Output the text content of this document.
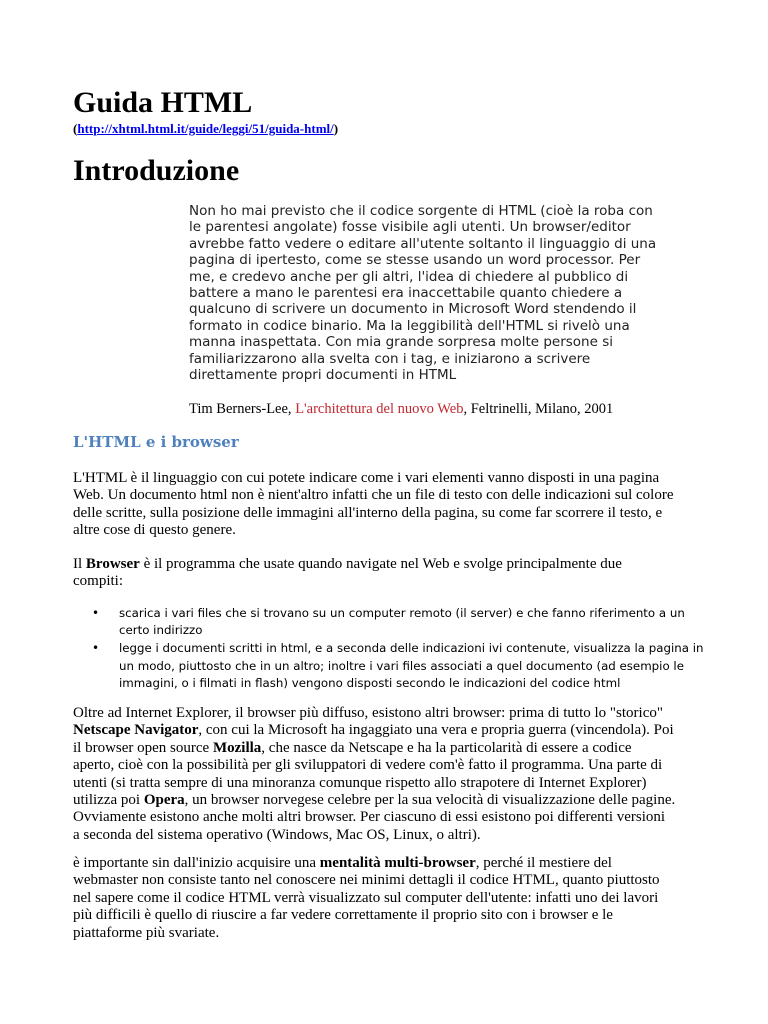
Guida HTML
(http://xhtml.html.it/guide/leggi/51/guida-html/)
Introduzione
Non ho mai previsto che il codice sorgente di HTML (cioè la roba con
le parentesi angolate) fosse visibile agli utenti. Un browser/editor
avrebbe fatto vedere o editare all'utente soltanto il linguaggio di una
pagina di ipertesto, come se stesse usando un word processor. Per
me, e credevo anche per gli altri, l'idea di chiedere al pubblico di
battere a mano le parentesi era inaccettabile quanto chiedere a
qualcuno di scrivere un documento in Microsoft Word stendendo il
formato in codice binario. Ma la leggibilità dell'HTML si rivelò una
manna inaspettata. Con mia grande sorpresa molte persone si
familiarizzarono alla svelta con i tag, e iniziarono a scrivere
direttamente propri documenti in HTML
Tim Berners-Lee, L'architettura del nuovo Web, Feltrinelli, Milano, 2001
L'HTML e i browser
L'HTML è il linguaggio con cui potete indicare come i vari elementi vanno disposti in una pagina
Web. Un documento html non è nient'altro infatti che un file di testo con delle indicazioni sul colore
delle scritte, sulla posizione delle immagini all'interno della pagina, su come far scorrere il testo, e
altre cose di questo genere.
Il Browser è il programma che usate quando navigate nel Web e svolge principalmente due
compiti:
• scarica i vari files che si trovano su un computer remoto (il server) e che fanno riferimento a un
certo indirizzo
• legge i documenti scritti in html, e a seconda delle indicazioni ivi contenute, visualizza la pagina in
un modo, piuttosto che in un altro; inoltre i vari files associati a quel documento (ad esempio le
immagini, o i filmati in flash) vengono disposti secondo le indicazioni del codice html
Oltre ad Internet Explorer, il browser più diffuso, esistono altri browser: prima di tutto lo "storico"
Netscape Navigator, con cui la Microsoft ha ingaggiato una vera e propria guerra (vincendola). Poi
il browser open source Mozilla, che nasce da Netscape e ha la particolarità di essere a codice
aperto, cioè con la possibilità per gli sviluppatori di vedere com'è fatto il programma. Una parte di
utenti (si tratta sempre di una minoranza comunque rispetto allo strapotere di Internet Explorer)
utilizza poi Opera, un browser norvegese celebre per la sua velocità di visualizzazione delle pagine.
Ovviamente esistono anche molti altri browser. Per ciascuno di essi esistono poi differenti versioni
a seconda del sistema operativo (Windows, Mac OS, Linux, o altri).
è importante sin dall'inizio acquisire una mentalità multi-browser, perché il mestiere del
webmaster non consiste tanto nel conoscere nei minimi dettagli il codice HTML, quanto piuttosto
nel sapere come il codice HTML verrà visualizzato sul computer dell'utente: infatti uno dei lavori
più difficili è quello di riuscire a far vedere correttamente il proprio sito con i browser e le
piattaforme più svariate.
